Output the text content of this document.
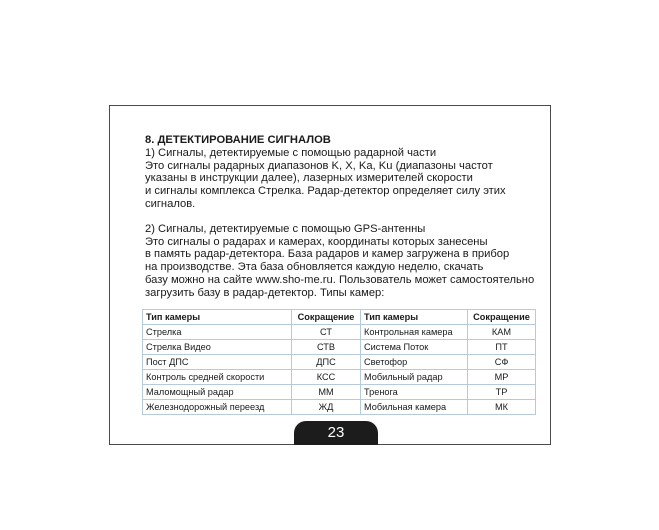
8. ДЕТЕКТИРОВАНИЕ СИГНАЛОВ

1) Сигналы, детектируемые с помощью радарной части
Это сигналы радарных диапазонов K, X, Ka, Ku (диапазоны частот
указаны в инструкции далее), лазерных измерителей скорости
и сигналы комплекса Стрелка. Радар-детектор определяет силу этих
сигналов.

2) Сигналы, детектируемые с помощью GPS-антенны
Это сигналы о радарах и камерах, координаты которых занесены
в память радар-детектора. База радаров и камер загружена в прибор
на производстве. Эта база обновляется каждую неделю, скачать
базу можно на сайте www.sho-me.ru. Пользователь может самостоятельно
загрузить базу в радар-детектор. Типы камер:

Тип камеры	Сокращение	Тип камеры	Сокращение
Стрелка	СТ	Контрольная камера	КАМ
Стрелка Видео	СТВ	Система Поток	ПТ
Пост ДПС	ДПС	Светофор	СФ
Контроль средней скорости	КСС	Мобильный радар	МР
Маломощный радар	ММ	Тренога	ТР
Железнодорожный переезд	ЖД	Мобильная камера	МК
23
